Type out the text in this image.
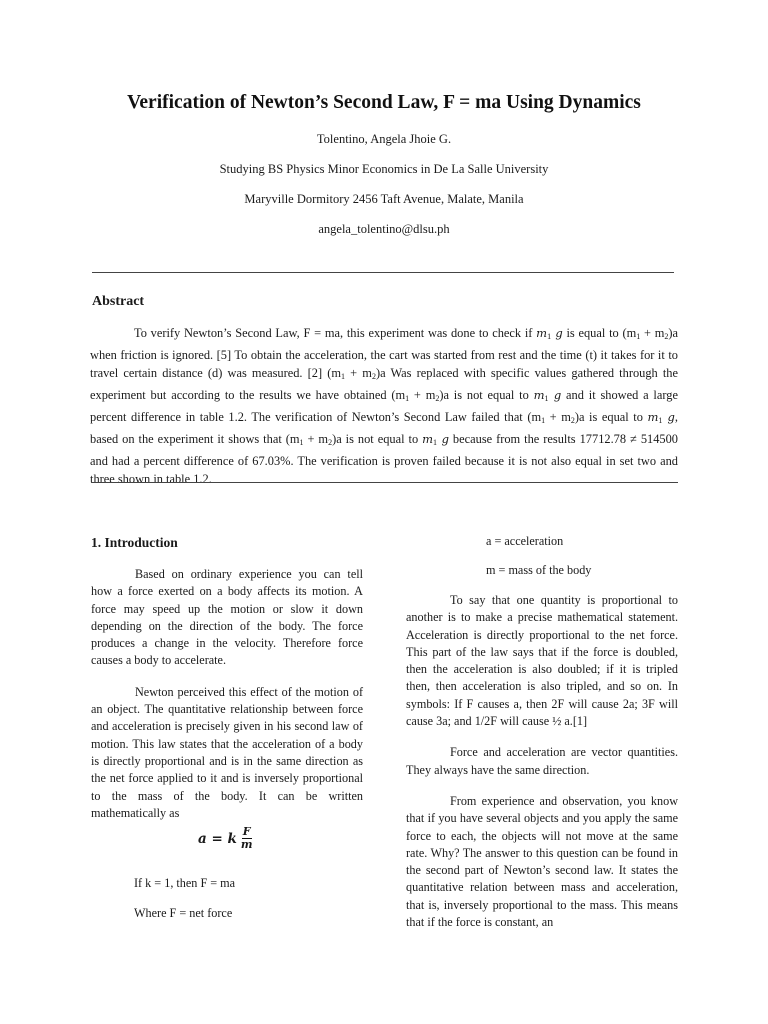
Verification of Newton’s Second Law, F = ma Using Dynamics
Tolentino, Angela Jhoie G.
Studying BS Physics Minor Economics in De La Salle University
Maryville Dormitory 2456 Taft Avenue, Malate, Manila
angela_tolentino@dlsu.ph
Abstract

To verify Newton’s Second Law, F = ma, this experiment was done to check if $m_1$ g is equal to $(m_1 + m_2)a$ when friction is ignored. [5] To obtain the acceleration, the cart was started from rest and the time (t) it takes for it to travel certain distance (d) was measured. [2] $(m_1 + m_2)a$ Was replaced with specific values gathered through the experiment but according to the results we have obtained $(m_1 + m_2)a$ is not equal to $m_1$ g and it showed a large percent difference in table 1.2. The verification of Newton’s Second Law failed that $(m_1 + m_2)a$ is equal to $m_1$ g, based on the experiment it shows that $(m_1 + m_2)a$ is not equal to $m_1$ g because from the results 17712.78 ≠ 514500 and had a percent difference of 67.03%. The verification is proven failed because it is not also equal in set two and three shown in table 1.2.

1. Introduction

Based on ordinary experience you can tell how a force exerted on a body affects its motion. A force may speed up the motion or slow it down depending on the direction of the body. The force produces a change in the velocity. Therefore force causes a body to accelerate.

Newton perceived this effect of the motion of an object. The quantitative relationship between force and acceleration is precisely given in his second law of motion. This law states that the acceleration of a body is directly proportional and is in the same direction as the net force applied to it and is inversely proportional to the mass of the body. It can be written mathematically as

a = k $\frac{F}{m}$
If k = 1, then F = ma
Where F = net force
a = acceleration
m = mass of the body

To say that one quantity is proportional to another is to make a precise mathematical statement. Acceleration is directly proportional to the net force. This part of the law says that if the force is doubled, then the acceleration is also doubled; if it is tripled then, then acceleration is also tripled, and so on. In symbols: If F causes a, then 2F will cause 2a; 3F will cause 3a; and 1/2F will cause ½ a.[1]

Force and acceleration are vector quantities. They always have the same direction.

From experience and observation, you know that if you have several objects and you apply the same force to each, the objects will not move at the same rate. Why? The answer to this question can be found in the second part of Newton’s second law. It states the quantitative relation between mass and acceleration, that is, inversely proportional to the mass. This means that if the force is constant, an
